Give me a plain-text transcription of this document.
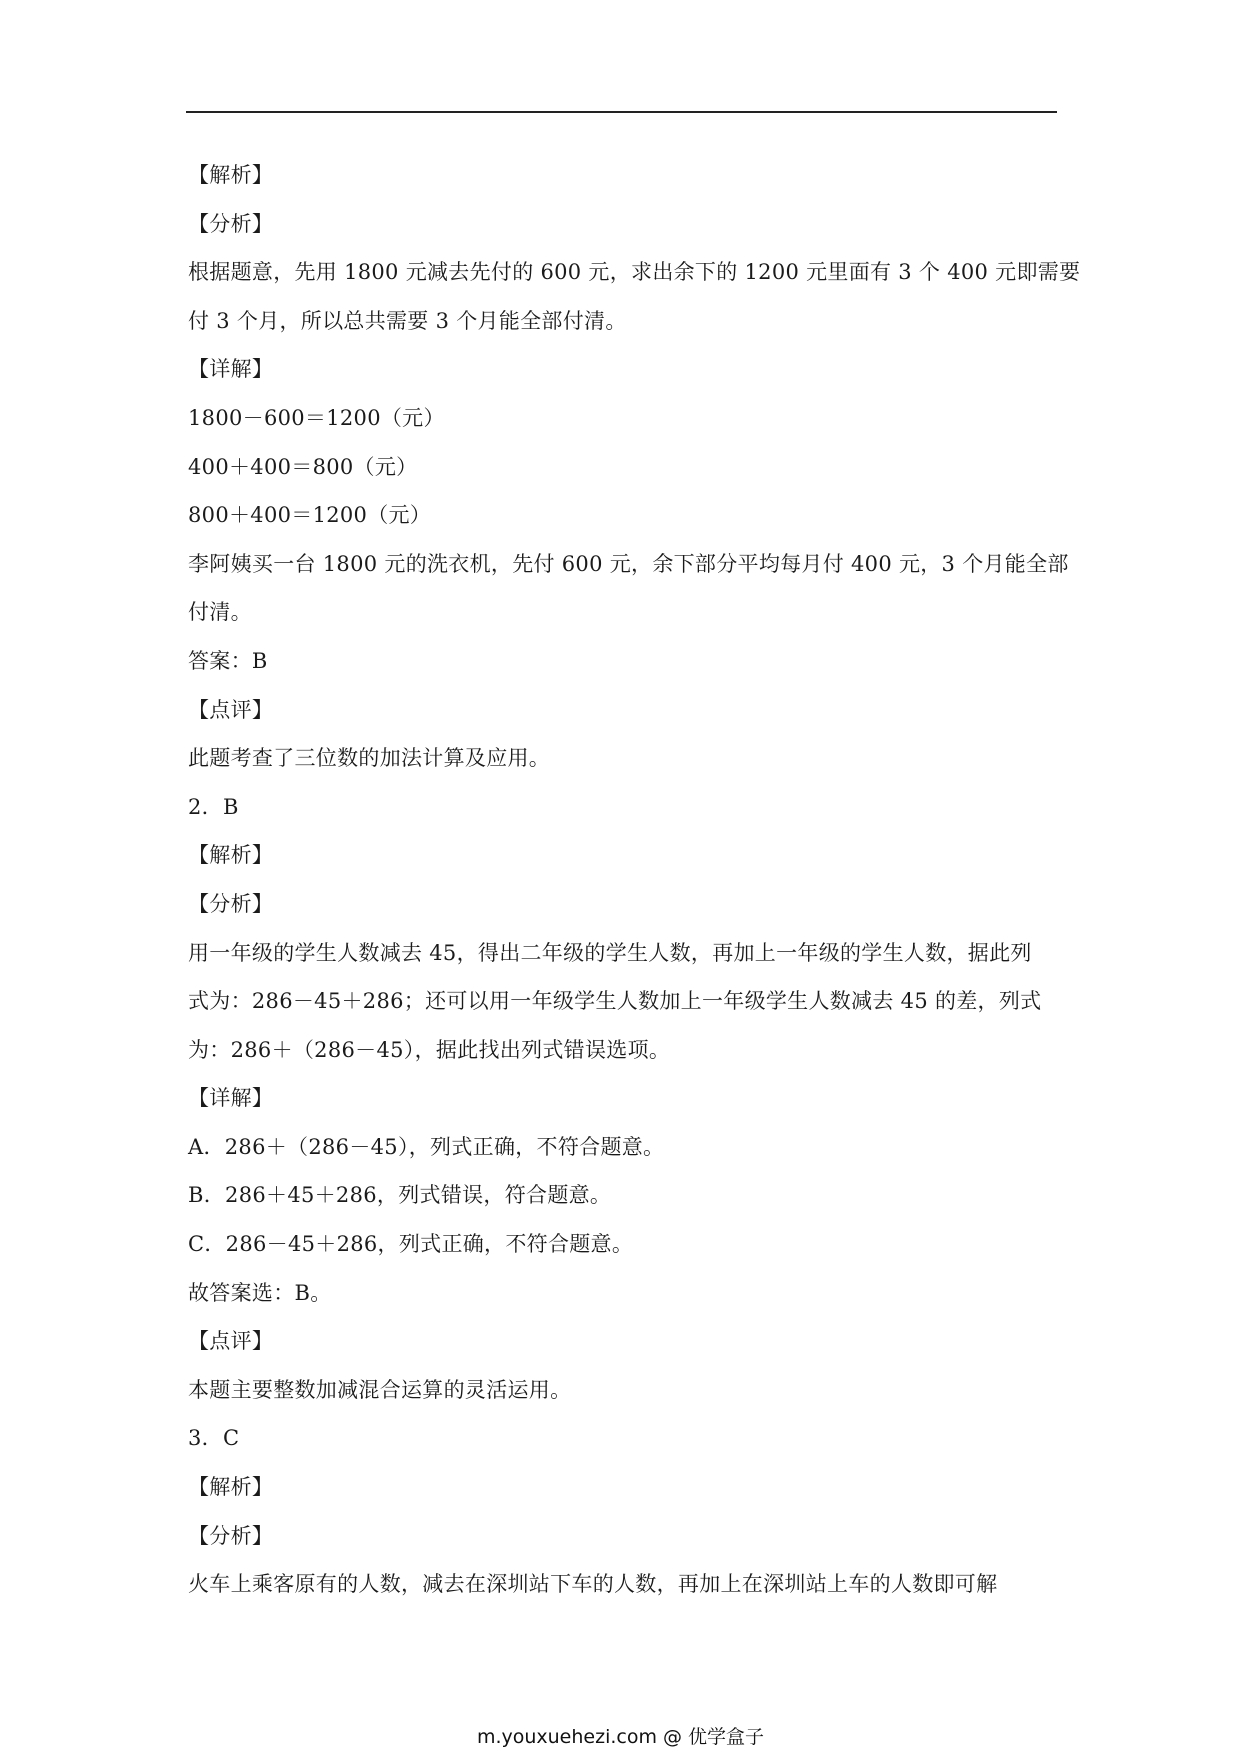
【解析】
【分析】
根据题意，先用 1800 元减去先付的 600 元，求出余下的 1200 元里面有 3 个 400 元即需要
付 3 个月，所以总共需要 3 个月能全部付清。
【详解】
1800－600＝1200（元）
400＋400＝800（元）
800＋400＝1200（元）
李阿姨买一台 1800 元的洗衣机，先付 600 元，余下部分平均每月付 400 元，3 个月能全部
付清。
答案：B
【点评】
此题考查了三位数的加法计算及应用。
2．B
【解析】
【分析】
用一年级的学生人数减去 45，得出二年级的学生人数，再加上一年级的学生人数，据此列
式为：286－45＋286；还可以用一年级学生人数加上一年级学生人数减去 45 的差，列式
为：286＋（286－45），据此找出列式错误选项。
【详解】
A．286＋（286－45），列式正确，不符合题意。
B．286＋45＋286，列式错误，符合题意。
C．286－45＋286，列式正确，不符合题意。
故答案选：B。
【点评】
本题主要整数加减混合运算的灵活运用。
3．C
【解析】
【分析】
火车上乘客原有的人数，减去在深圳站下车的人数，再加上在深圳站上车的人数即可解
m.youxuehezi.com @ 优学盒子
